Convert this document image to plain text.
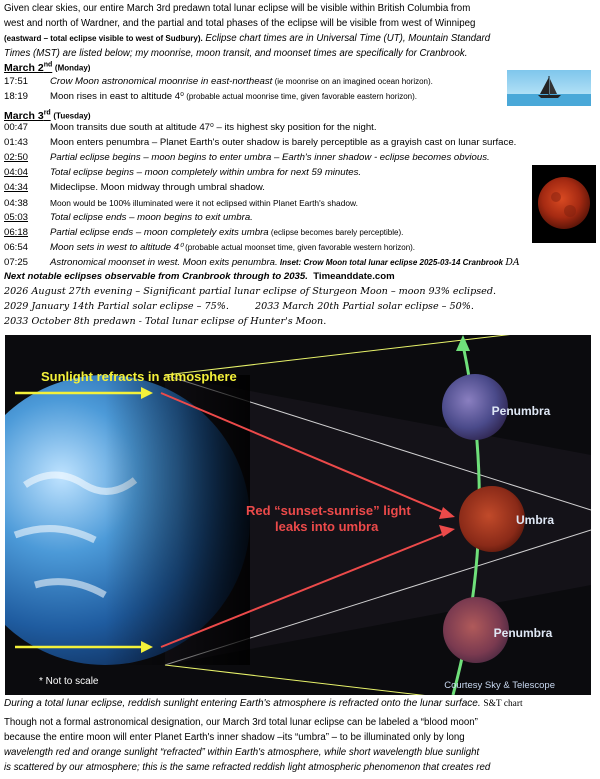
Given clear skies, our entire March 3rd predawn total lunar eclipse will be visible within British Columbia from
west and north of Wardner, and the partial and total phases of the eclipse will be visible from west of Winnipeg
(eastward – total eclipse visible to west of Sudbury). Eclipse chart times are in Universal Time (UT), Mountain Standard
Times (MST) are listed below; my moonrise, moon transit, and moonset times are specifically for Cranbrook.
March 2nd (Monday)
17:51 Crow Moon astronomical moonrise in east-northeast (ie moonrise on an imagined ocean horizon).
18:19 Moon rises in east to altitude 4⁰ (probable actual moonrise time, given favorable eastern horizon).
March 3rd (Tuesday)
00:47 Moon transits due south at altitude 47⁰ – its highest sky position for the night.
01:43 Moon enters penumbra – Planet Earth's outer shadow is barely perceptible as a grayish cast on lunar surface.
02:50 Partial eclipse begins – moon begins to enter umbra – Earth's inner shadow - eclipse becomes obvious.
04:04 Total eclipse begins – moon completely within umbra for next 59 minutes.
04:34 Mideclipse. Moon midway through umbral shadow.
04:38	Moon would be 100% illuminated were it not eclipsed within Planet Earth's shadow.
05:03 Total eclipse ends – moon begins to exit umbra.
06:18 Partial eclipse ends – moon completely exits umbra (eclipse becomes barely perceptible).
06:54 Moon sets in west to altitude 4⁰ (probable actual moonset time, given favorable western horizon).
07:25 Astronomical moonset in west. Moon exits penumbra. Inset: Crow Moon total lunar eclipse 2025-03-14 Cranbrook DA
Next notable eclipses observable from Cranbrook through to 2035. Timeanddate.com
2026 August 27th evening – Significant partial lunar eclipse of Sturgeon Moon – moon 93% eclipsed.
2029 January 14th Partial solar eclipse – 75%.	2033 March 20th Partial solar eclipse – 50%.
2033 October 8th predawn - Total lunar eclipse of Hunter's Moon.
Sunlight refracts in atmosphere
Red “sunset-sunrise” light
leaks into umbra
Penumbra
Umbra
Penumbra
* Not to scale	Courtesy Sky & Telescope
During a total lunar eclipse, reddish sunlight entering Earth's atmosphere is refracted onto the lunar surface. S&T chart
Though not a formal astronomical designation, our March 3rd total lunar eclipse can be labeled a “blood moon”
because the entire moon will enter Planet Earth's inner shadow –its “umbra” – to be illuminated only by long
wavelength red and orange sunlight “refracted” within Earth's atmosphere, while short wavelength blue sunlight
is scattered by our atmosphere; this is the same refracted reddish light atmospheric phenomenon that creates red
